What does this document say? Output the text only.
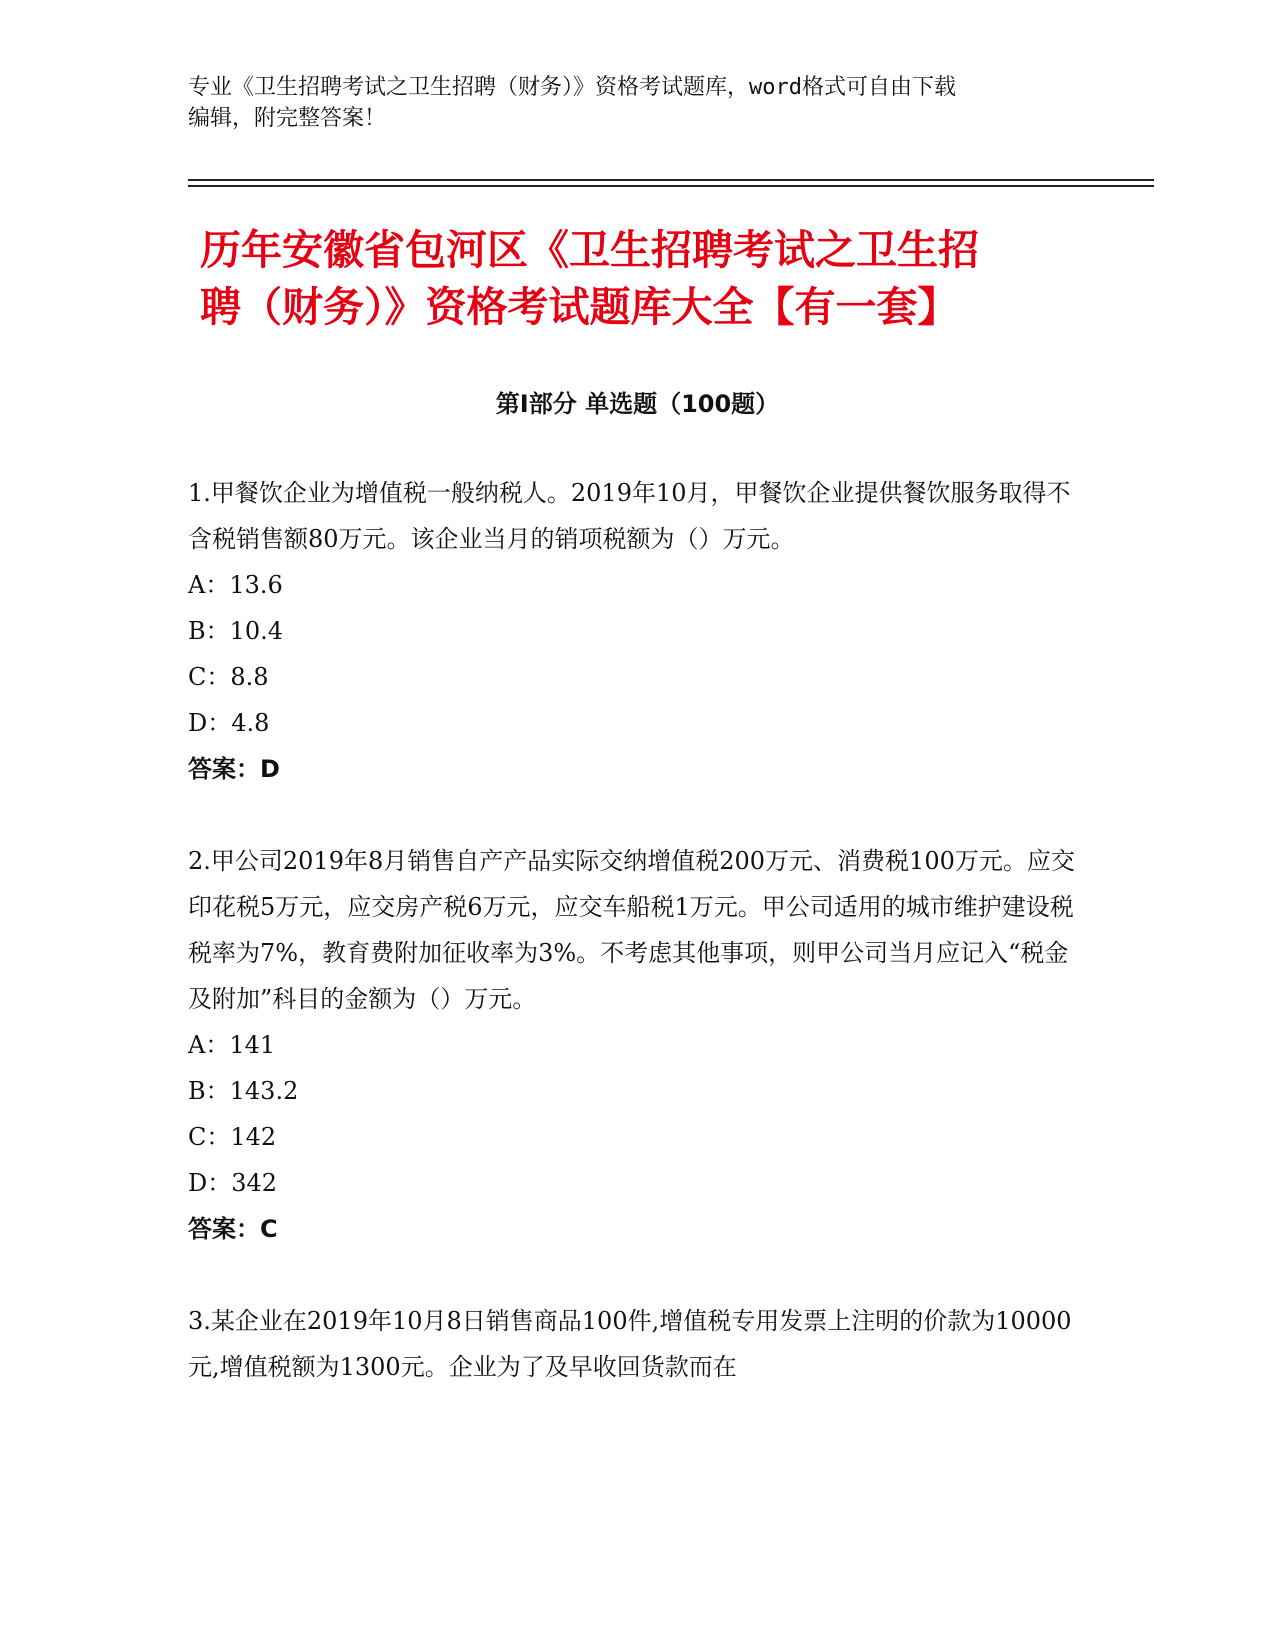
专业《卫生招聘考试之卫生招聘（财务）》资格考试题库，word格式可自由下载
编辑，附完整答案！
历年安徽省包河区《卫生招聘考试之卫生招
聘（财务）》资格考试题库大全【有一套】
第Ⅰ部分 单选题（100题）

1.甲餐饮企业为增值税一般纳税人。2019年10月，甲餐饮企业提供餐饮服务取得不含税销售额80万元。该企业当月的销项税额为（）万元。

A：13.6

B：10.4

C：8.8

D：4.8

答案：D

2.甲公司2019年8月销售自产产品实际交纳增值税200万元、消费税100万元。应交印花税5万元，应交房产税6万元，应交车船税1万元。甲公司适用的城市维护建设税税率为7%，教育费附加征收率为3%。不考虑其他事项，则甲公司当月应记入“税金及附加”科目的金额为（）万元。

A：141

B：143.2

C：142

D：342

答案：C

3.某企业在2019年10月8日销售商品100件,增值税专用发票上注明的价款为10000元,增值税额为1300元。企业为了及早收回货款而在
